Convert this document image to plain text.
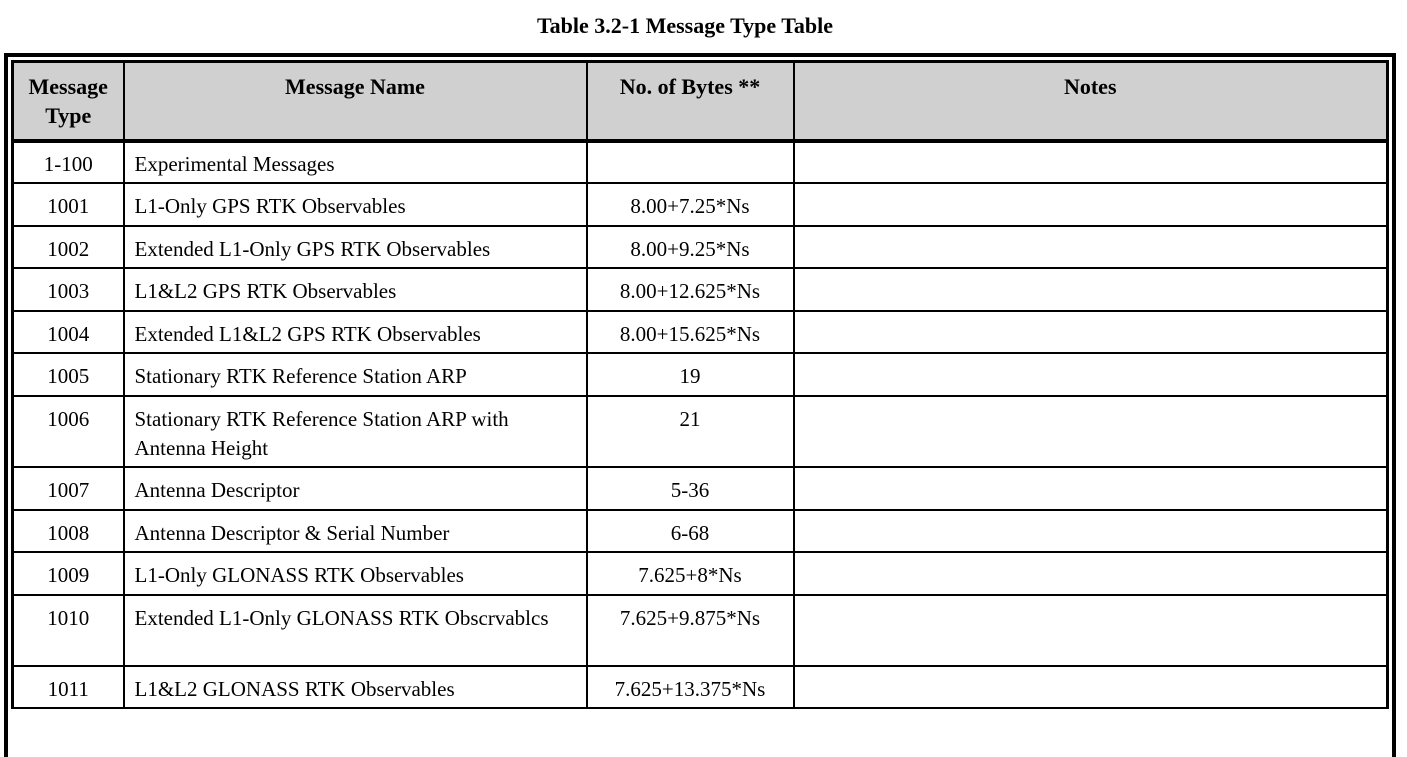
Table 3.2-1 Message Type Table
Message Type	Message Name	No. of Bytes **	Notes
1-100	Experimental Messages		
1001	L1-Only GPS RTK Observables	8.00+7.25*Ns	
1002	Extended L1-Only GPS RTK Observables	8.00+9.25*Ns	
1003	L1&L2 GPS RTK Observables	8.00+12.625*Ns	
1004	Extended L1&L2 GPS RTK Observables	8.00+15.625*Ns	
1005	Stationary RTK Reference Station ARP	19	
1006	Stationary RTK Reference Station ARP with Antenna Height	21	
1007	Antenna Descriptor	5-36	
1008	Antenna Descriptor & Serial Number	6-68	
1009	L1-Only GLONASS RTK Observables	7.625+8*Ns	
1010	Extended L1-Only GLONASS RTK Obscrvablcs	7.625+9.875*Ns	
1011	L1&L2 GLONASS RTK Observables	7.625+13.375*Ns	
